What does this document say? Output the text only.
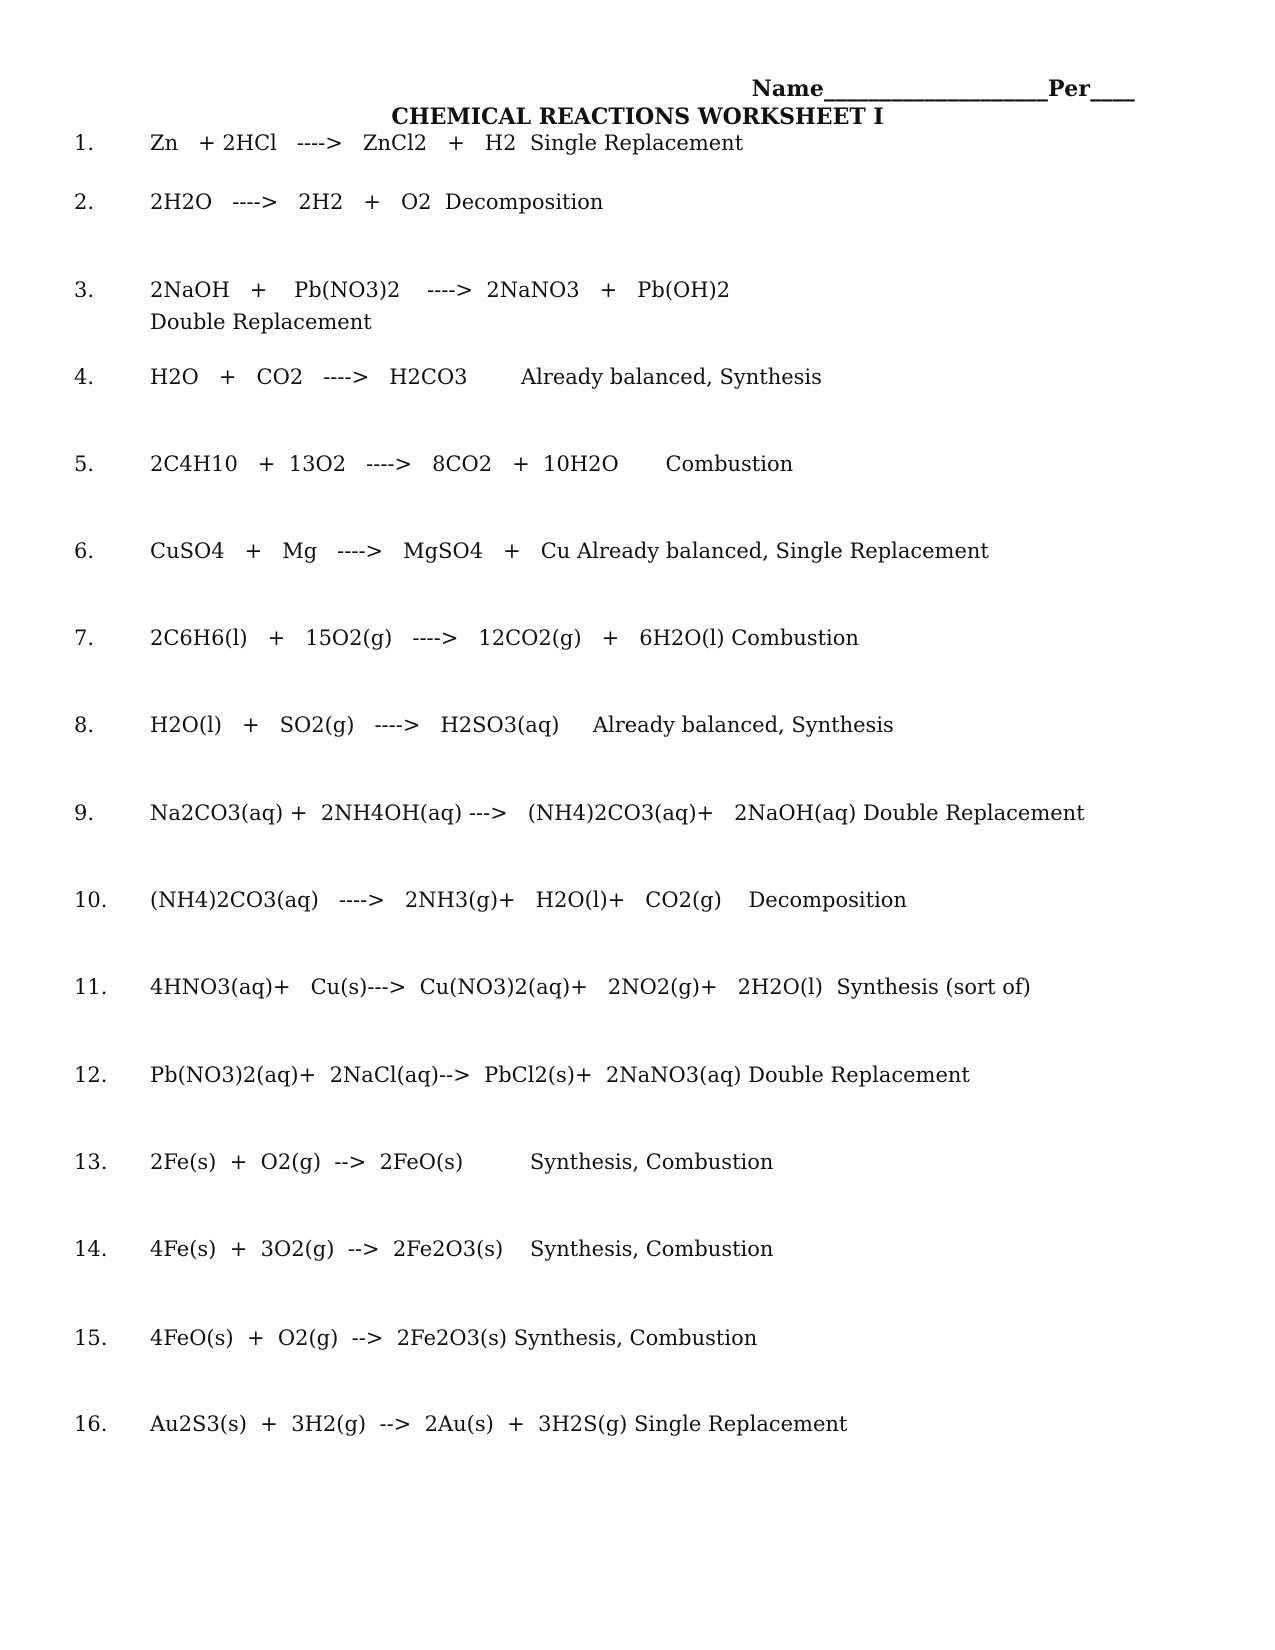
Name____________________Per____
CHEMICAL REACTIONS WORKSHEET I
1.	Zn   + 2HCl   ---->   ZnCl2   +   H2  Single Replacement
2.	2H2O   ---->   2H2   +   O2  Decomposition
3.	2NaOH   +    Pb(NO3)2    ---->  2NaNO3   +   Pb(OH)2
Double Replacement
4.	H2O   +   CO2   ---->   H2CO3        Already balanced, Synthesis
5.	2C4H10   +  13O2   ---->   8CO2   +  10H2O       Combustion
6.	CuSO4   +   Mg   ---->   MgSO4   +   Cu Already balanced, Single Replacement
7.	2C6H6(l)   +   15O2(g)   ---->   12CO2(g)   +   6H2O(l) Combustion
8.	H2O(l)   +   SO2(g)   ---->   H2SO3(aq)     Already balanced, Synthesis
9.	Na2CO3(aq) +  2NH4OH(aq) --->   (NH4)2CO3(aq)+   2NaOH(aq) Double Replacement
10. (NH4)2CO3(aq)   ---->   2NH3(g)+   H2O(l)+   CO2(g)    Decomposition
11. 4HNO3(aq)+   Cu(s)--->  Cu(NO3)2(aq)+   2NO2(g)+   2H2O(l)  Synthesis (sort of)
12. Pb(NO3)2(aq)+  2NaCl(aq)-->  PbCl2(s)+  2NaNO3(aq) Double Replacement
13. 2Fe(s)  +  O2(g)  -->  2FeO(s)          Synthesis, Combustion
14. 4Fe(s)  +  3O2(g)  -->  2Fe2O3(s)    Synthesis, Combustion
15. 4FeO(s)  +  O2(g)  -->  2Fe2O3(s) Synthesis, Combustion
16. Au2S3(s)  +  3H2(g)  -->  2Au(s)  +  3H2S(g) Single Replacement
